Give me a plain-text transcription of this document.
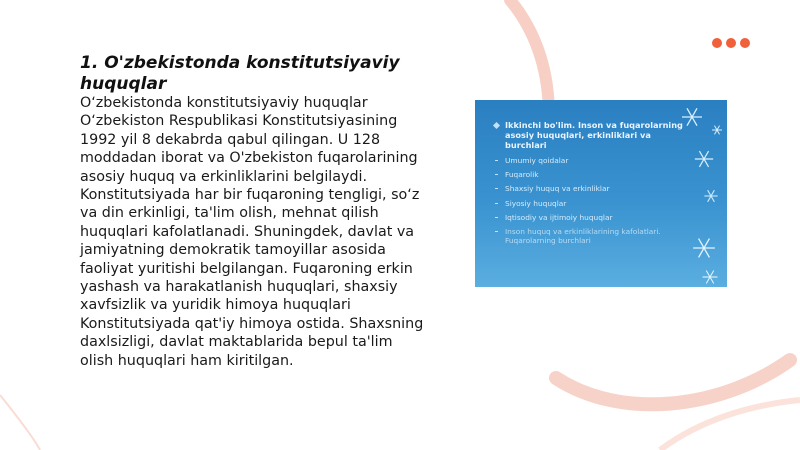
1. O'zbekistonda konstitutsiyaviy huquqlar
O‘zbekistonda konstitutsiyaviy huquqlar O‘zbekiston Respublikasi Konstitutsiyasining 1992 yil 8 dekabrda qabul qilingan. U 128 moddadan iborat va O'zbekiston fuqarolarining asosiy huquq va erkinliklarini belgilaydi. Konstitutsiyada har bir fuqaroning tengligi, so‘z va din erkinligi, ta'lim olish, mehnat qilish huquqlari kafolatlanadi. Shuningdek, davlat va jamiyatning demokratik tamoyillar asosida faoliyat yuritishi belgilangan. Fuqaroning erkin yashash va harakatlanish huquqlari, shaxsiy xavfsizlik va yuridik himoya huquqlari Konstitutsiyada qat'iy himoya ostida. Shaxsning daxlsizligi, davlat maktablarida bepul ta'lim olish huquqlari ham kiritilgan.
Ikkinchi bo'lim. Inson va fuqarolarning asosiy huquqlari, erkinliklari va burchlari
Umumiy qoidalar
Fuqarolik
Shaxsiy huquq va erkinliklar
Siyosiy huquqlar
Iqtisodiy va ijtimoiy huquqlar
Inson huquq va erkinliklarining kafolatlari. Fuqarolarning burchlari
